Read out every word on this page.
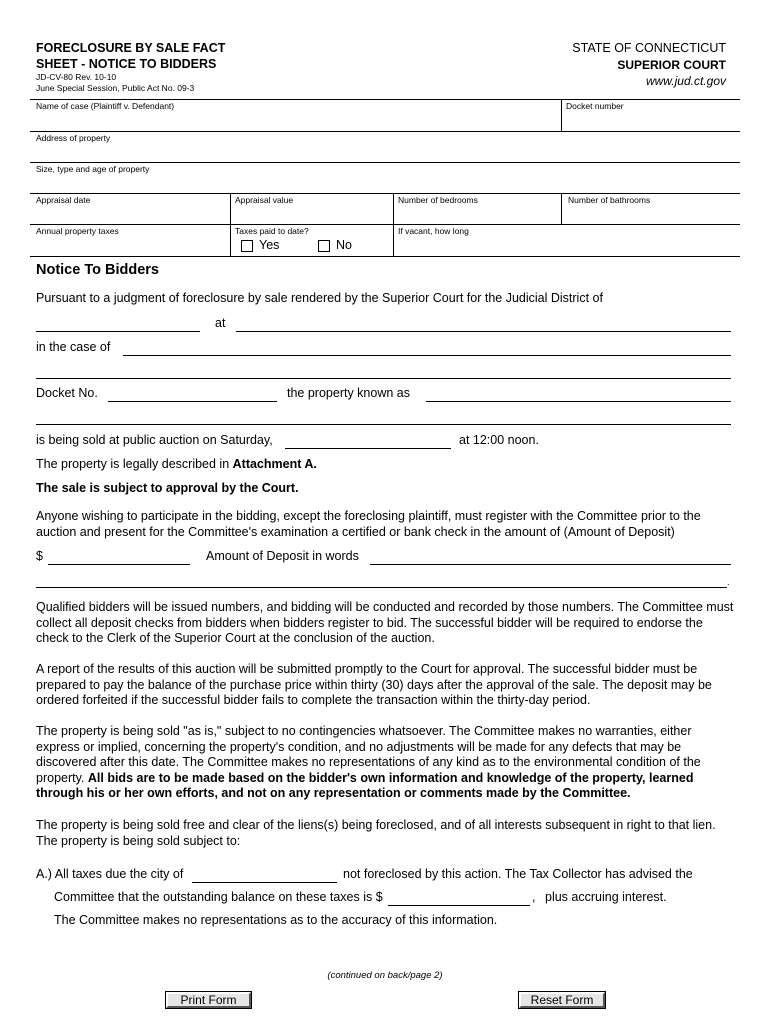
FORECLOSURE BY SALE FACT
SHEET - NOTICE TO BIDDERS
JD-CV-80 Rev. 10-10
June Special Session, Public Act No. 09-3
STATE OF CONNECTICUT
SUPERIOR COURT
www.jud.ct.gov
Name of case (Plaintiff v. Defendant)	Docket number
Address of property
Size, type and age of property
Appraisal date	Appraisal value	Number of bedrooms	Number of bathrooms
Annual property taxes	Taxes paid to date?	If vacant, how long
Yes	No
Notice To Bidders
Pursuant to a judgment of foreclosure by sale rendered by the Superior Court for the Judicial District of
at
in the case of
Docket No.	the property known as
is being sold at public auction on Saturday,	at 12:00 noon.
The property is legally described in Attachment A.
The sale is subject to approval by the Court.
Anyone wishing to participate in the bidding, except the foreclosing plaintiff, must register with the Committee prior to the auction and present for the Committee's examination a certified or bank check in the amount of (Amount of Deposit)
$	Amount of Deposit in words
.
Qualified bidders will be issued numbers, and bidding will be conducted and recorded by those numbers. The Committee must collect all deposit checks from bidders when bidders register to bid. The successful bidder will be required to endorse the check to the Clerk of the Superior Court at the conclusion of the auction.
A report of the results of this auction will be submitted promptly to the Court for approval. The successful bidder must be prepared to pay the balance of the purchase price within thirty (30) days after the approval of the sale. The deposit may be ordered forfeited if the successful bidder fails to complete the transaction within the thirty-day period.
The property is being sold "as is," subject to no contingencies whatsoever. The Committee makes no warranties, either express or implied, concerning the property's condition, and no adjustments will be made for any defects that may be discovered after this date. The Committee makes no representations of any kind as to the environmental condition of the property. All bids are to be made based on the bidder's own information and knowledge of the property, learned through his or her own efforts, and not on any representation or comments made by the Committee.
The property is being sold free and clear of the liens(s) being foreclosed, and of all interests subsequent in right to that lien. The property is being sold subject to:
A.) All taxes due the city of	not foreclosed by this action. The Tax Collector has advised the
Committee that the outstanding balance on these taxes is $	, plus accruing interest.
The Committee makes no representations as to the accuracy of this information.
(continued on back/page 2)
Print Form	Reset Form
